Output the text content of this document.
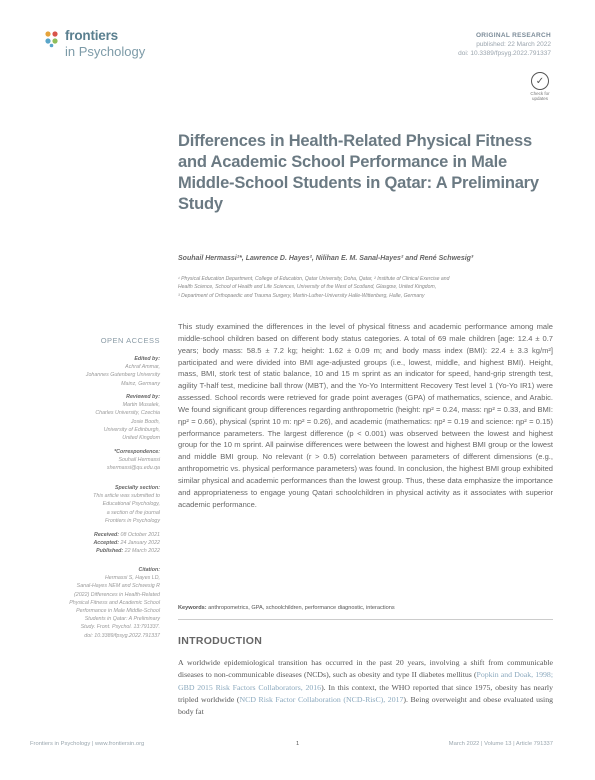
frontiers
in Psychology
ORIGINAL RESEARCH
published: 22 March 2022
doi: 10.3389/fpsyg.2022.791337
✓
Check for updates
Differences in Health-Related Physical Fitness and Academic School Performance in Male Middle-School Students in Qatar: A Preliminary Study
Souhail Hermassi¹*, Lawrence D. Hayes², Nilihan E. M. Sanal-Hayes² and René Schwesig³
¹ Physical Education Department, College of Education, Qatar University, Doha, Qatar, ² Institute of Clinical Exercise and
Health Science, School of Health and Life Sciences, University of the West of Scotland, Glasgow, United Kingdom,
³ Department of Orthopaedic and Trauma Surgery, Martin-Luther-University Halle-Wittenberg, Halle, Germany
OPEN ACCESS
Edited by:
Achraf Ammar,
Johannes Gutenberg University
Mainz, Germany
Reviewed by:
Martin Musalek,
Charles University, Czechia
Josie Booth,
University of Edinburgh,
United Kingdom
*Correspondence:
Souhail Hermassi
shermassi@qu.edu.qa
Specialty section:
This article was submitted to
Educational Psychology,
a section of the journal
Frontiers in Psychology
Received: 08 October 2021
Accepted: 24 January 2022
Published: 22 March 2022
Citation:
Hermassi S, Hayes LD,
Sanal-Hayes NEM and Schwesig R
(2022) Differences in Health-Related
Physical Fitness and Academic School
Performance in Male Middle-School
Students in Qatar: A Preliminary
Study. Front. Psychol. 13:791337.
doi: 10.3389/fpsyg.2022.791337
This study examined the differences in the level of physical fitness and academic performance among male middle-school children based on different body status categories. A total of 69 male children [age: 12.4 ± 0.7 years; body mass: 58.5 ± 7.2 kg; height: 1.62 ± 0.09 m; and body mass index (BMI): 22.4 ± 3.3 kg/m²] participated and were divided into BMI age-adjusted groups (i.e., lowest, middle, and highest BMI). Height, mass, BMI, stork test of static balance, 10 and 15 m sprint as an indicator for speed, hand-grip strength test, agility T-half test, medicine ball throw (MBT), and the Yo-Yo Intermittent Recovery Test level 1 (Yo-Yo IR1) were assessed. School records were retrieved for grade point averages (GPA) of mathematics, science, and Arabic. We found significant group differences regarding anthropometric (height: ηp² = 0.24, mass: ηp² = 0.33, and BMI: ηp² = 0.66), physical (sprint 10 m: ηp² = 0.26), and academic (mathematics: ηp² = 0.19 and science: ηp² = 0.15) performance parameters. The largest difference (p < 0.001) was observed between the lowest and highest group for the 10 m sprint. All pairwise differences were between the lowest and highest BMI group or the lowest and middle BMI group. No relevant (r > 0.5) correlation between parameters of different dimensions (e.g., anthropometric vs. physical performance parameters) was found. In conclusion, the highest BMI group exhibited similar physical and academic performances than the lowest group. Thus, these data emphasize the importance and appropriateness to engage young Qatari schoolchildren in physical activity as it associates with superior academic performance.
Keywords: anthropometrics, GPA, schoolchildren, performance diagnostic, interactions
INTRODUCTION
A worldwide epidemiological transition has occurred in the past 20 years, involving a shift from communicable diseases to non-communicable diseases (NCDs), such as obesity and type II diabetes mellitus (Popkin and Doak, 1998; GBD 2015 Risk Factors Collaborators, 2016). In this context, the WHO reported that since 1975, obesity has nearly tripled worldwide (NCD Risk Factor Collaboration (NCD-RisC), 2017). Being overweight and obese evaluated using body fat
Frontiers in Psychology | www.frontiersin.org	1	March 2022 | Volume 13 | Article 791337
